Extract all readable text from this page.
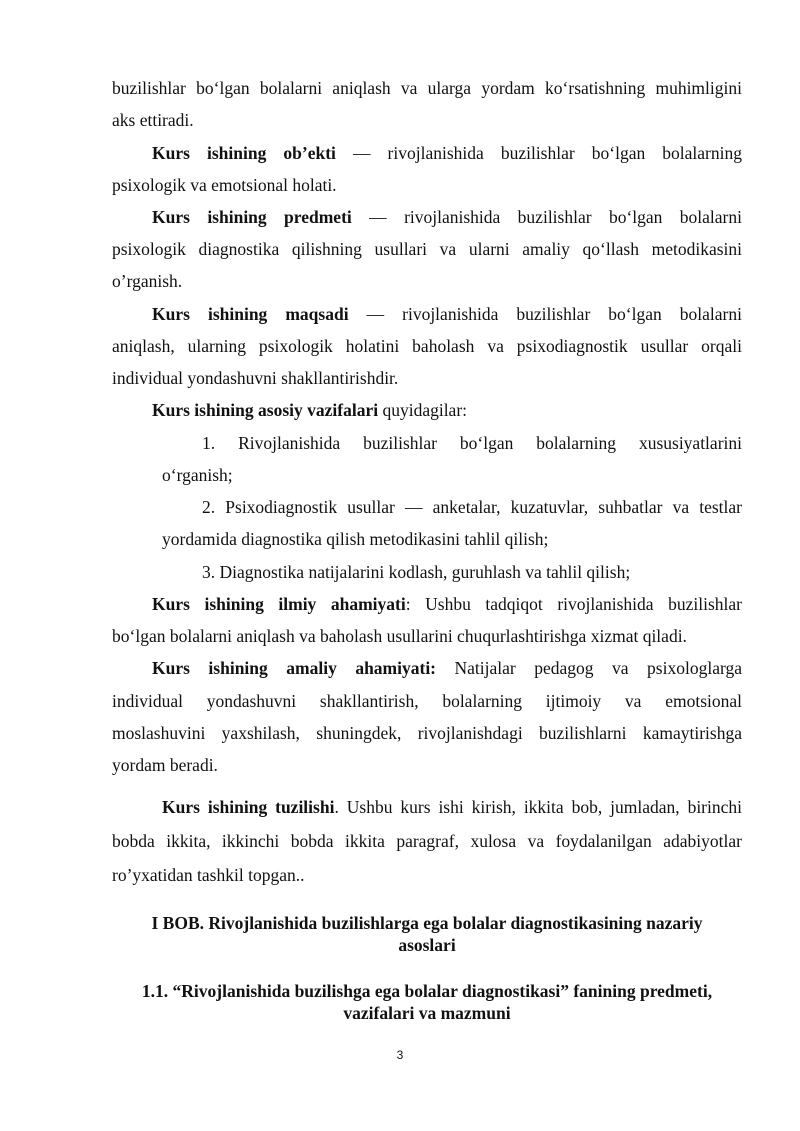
buzilishlar bo‘lgan bolalarni aniqlash va ularga yordam ko‘rsatishning muhimligini
aks ettiradi.
Kurs ishining ob’ekti — rivojlanishida buzilishlar bo‘lgan bolalarning
psixologik va emotsional holati.
Kurs ishining predmeti — rivojlanishida buzilishlar bo‘lgan bolalarni
psixologik diagnostika qilishning usullari va ularni amaliy qo‘llash metodikasini
o’rganish.
Kurs ishining maqsadi — rivojlanishida buzilishlar bo‘lgan bolalarni
aniqlash, ularning psixologik holatini baholash va psixodiagnostik usullar orqali
individual yondashuvni shakllantirishdir.
Kurs ishining asosiy vazifalari quyidagilar:
1. Rivojlanishida buzilishlar bo‘lgan bolalarning xususiyatlarini
o‘rganish;
2. Psixodiagnostik usullar — anketalar, kuzatuvlar, suhbatlar va testlar
yordamida diagnostika qilish metodikasini tahlil qilish;
3. Diagnostika natijalarini kodlash, guruhlash va tahlil qilish;
Kurs ishining ilmiy ahamiyati: Ushbu tadqiqot rivojlanishida buzilishlar
bo‘lgan bolalarni aniqlash va baholash usullarini chuqurlashtirishga xizmat qiladi.
Kurs ishining amaliy ahamiyati: Natijalar pedagog va psixologlarga
individual yondashuvni shakllantirish, bolalarning ijtimoiy va emotsional
moslashuvini yaxshilash, shuningdek, rivojlanishdagi buzilishlarni kamaytirishga
yordam beradi.
Kurs ishining tuzilishi. Ushbu kurs ishi kirish, ikkita bob, jumladan, birinchi
bobda ikkita, ikkinchi bobda ikkita paragraf, xulosa va foydalanilgan adabiyotlar
ro’yxatidan tashkil topgan..
I BOB. Rivojlanishida buzilishlarga ega bolalar diagnostikasining nazariy
asoslari
1.1. “Rivojlanishida buzilishga ega bolalar diagnostikasi” fanining predmeti,
vazifalari va mazmuni
3
